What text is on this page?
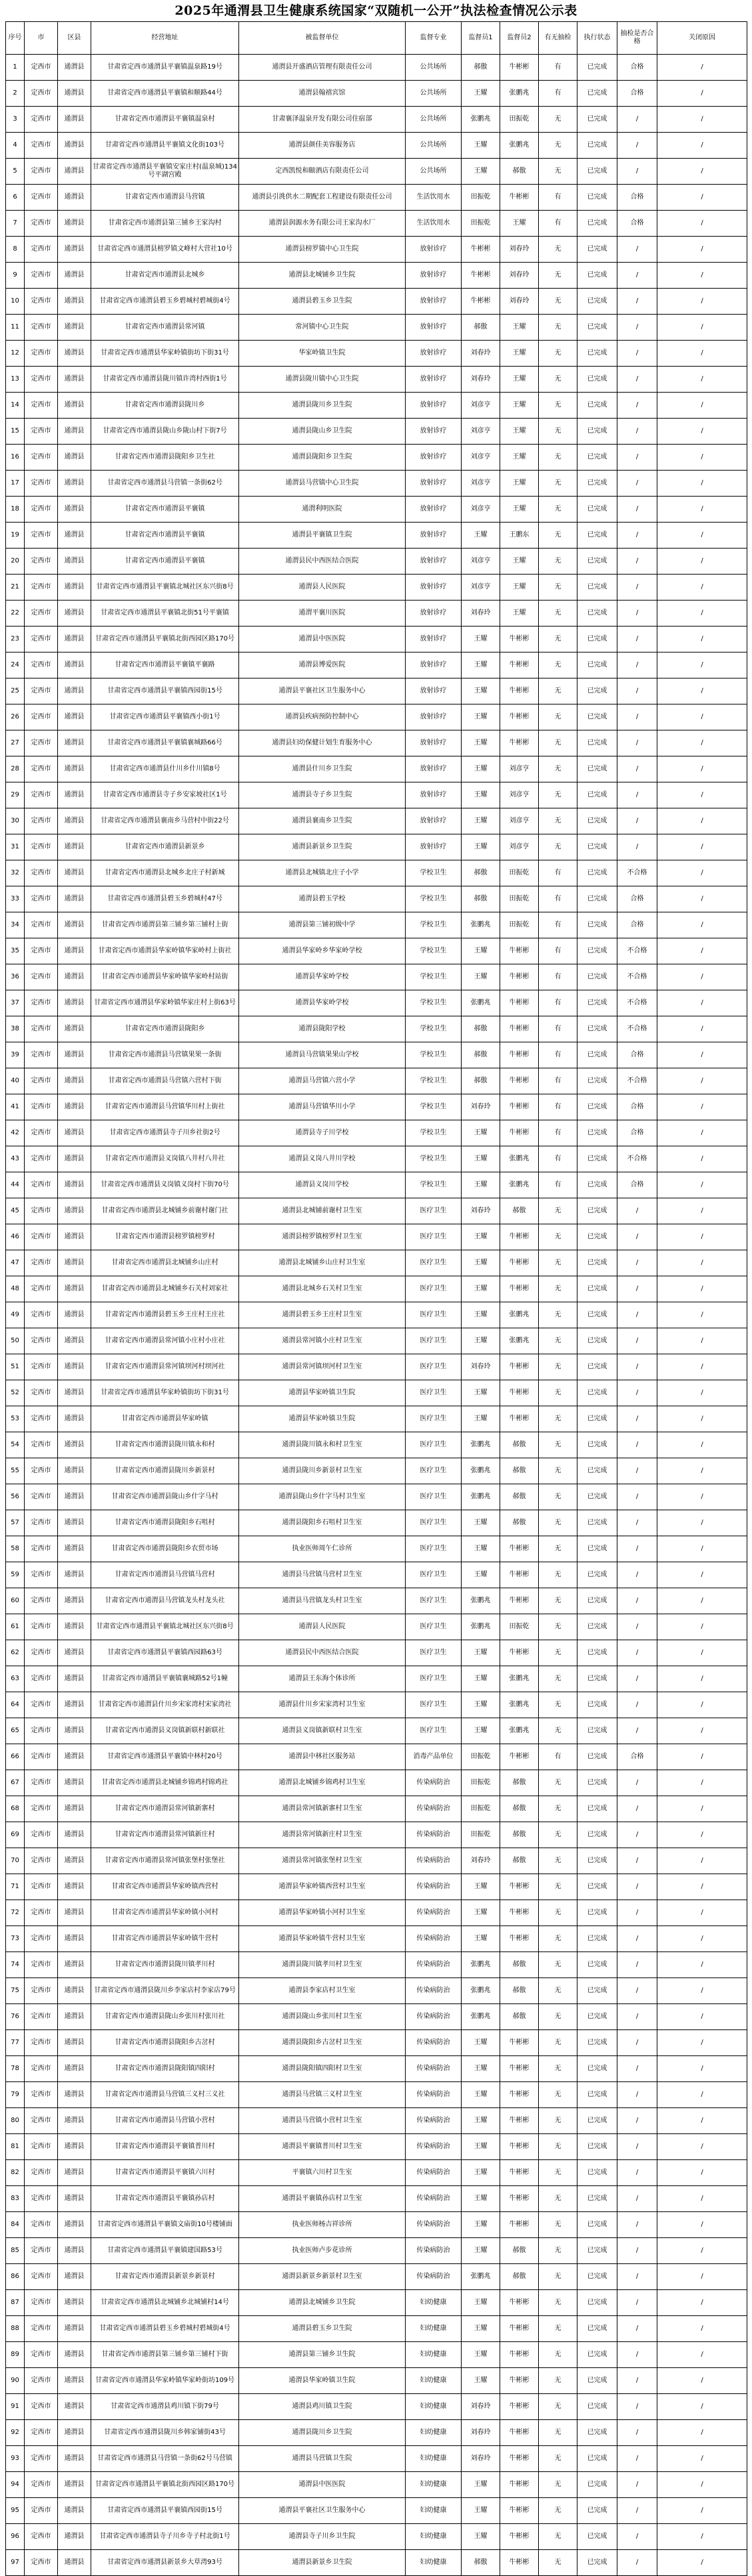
2025年通渭县卫生健康系统国家“双随机一公开”执法检查情况公示表
序号	市	区县	经营地址	被监督单位	监督专业	监督员1	监督员2	有无抽检	执行状态	抽检是否合格	关闭原因
1	定西市	通渭县	甘肃省定西市通渭县平襄镇温泉路19号	通渭县开盛酒店管理有限责任公司	公共场所	郝傲	牛彬彬	有	已完成	合格	/
2	定西市	通渭县	甘肃省定西市通渭县平襄镇和顺路44号	通渭县翰禧宾馆	公共场所	王耀	张鹏兆	有	已完成	合格	/
3	定西市	通渭县	甘肃省定西市通渭县平襄镇温泉村	甘肃襄泽温泉开发有限公司住宿部	公共场所	张鹏兆	田振乾	无	已完成	/	/
4	定西市	通渭县	甘肃省定西市通渭县平襄镇文化街103号	通渭县颜佳美容服务店	公共场所	王耀	张鹏兆	无	已完成	/	/
5	定西市	通渭县	甘肃省定西市通渭县平襄镇安家庄村(温泉城)134号平湖宫殿	定西凯悦和颐酒店有限责任公司	公共场所	王耀	郝傲	无	已完成	/	/
6	定西市	通渭县	甘肃省定西市通渭县马营镇	通渭县引洮供水二期配套工程建设有限责任公司	生活饮用水	田振乾	牛彬彬	有	已完成	合格	/
7	定西市	通渭县	甘肃省定西市通渭县第三铺乡王家沟村	通渭县润源水务有限公司王家沟水厂	生活饮用水	田振乾	王耀	有	已完成	合格	/
8	定西市	通渭县	甘肃省定西市通渭县榜罗镇文峰村大营社10号	通渭县榜罗镇中心卫生院	放射诊疗	牛彬彬	刘春玲	无	已完成	/	/
9	定西市	通渭县	甘肃省定西市通渭县北城乡	通渭县北城铺乡卫生院	放射诊疗	牛彬彬	刘春玲	无	已完成	/	/
10	定西市	通渭县	甘肃省定西市通渭县碧玉乡碧城村碧城街4号	通渭县碧玉乡卫生院	放射诊疗	牛彬彬	刘春玲	无	已完成	/	/
11	定西市	通渭县	甘肃省定西市通渭县常河镇	常河镇中心卫生院	放射诊疗	郝傲	王耀	无	已完成	/	/
12	定西市	通渭县	甘肃省定西市通渭县华家岭镇街坊下街31号	华家岭镇卫生院	放射诊疗	刘春玲	王耀	无	已完成	/	/
13	定西市	通渭县	甘肃省定西市通渭县陇川镇许湾村西街1号	通渭县陇川镇中心卫生院	放射诊疗	刘春玲	王耀	无	已完成	/	/
14	定西市	通渭县	甘肃省定西市通渭县陇川乡	通渭县陇川乡卫生院	放射诊疗	刘彦亨	王耀	无	已完成	/	/
15	定西市	通渭县	甘肃省定西市通渭县陇山乡陇山村下街7号	通渭县陇山乡卫生院	放射诊疗	刘彦亨	王耀	无	已完成	/	/
16	定西市	通渭县	甘肃省定西市通渭县陇阳乡卫生社	通渭县陇阳乡卫生院	放射诊疗	刘彦亨	王耀	无	已完成	/	/
17	定西市	通渭县	甘肃省定西市通渭县马营镇一条街62号	通渭县马营镇中心卫生院	放射诊疗	刘彦亨	王耀	无	已完成	/	/
18	定西市	通渭县	甘肃省定西市通渭县平襄镇	通渭利明医院	放射诊疗	刘彦亨	王耀	无	已完成	/	/
19	定西市	通渭县	甘肃省定西市通渭县平襄镇	通渭县平襄镇卫生院	放射诊疗	王耀	王鹏东	无	已完成	/	/
20	定西市	通渭县	甘肃省定西市通渭县平襄镇	通渭县民中西医结合医院	放射诊疗	刘彦亨	王耀	无	已完成	/	/
21	定西市	通渭县	甘肃省定西市通渭县平襄镇北城社区东兴街8号	通渭县人民医院	放射诊疗	刘彦亨	王耀	无	已完成	/	/
22	定西市	通渭县	甘肃省定西市通渭县平襄镇北街51号平襄镇	通渭平襄川医院	放射诊疗	刘春玲	王耀	无	已完成	/	/
23	定西市	通渭县	甘肃省定西市通渭县平襄镇北街西园区路170号	通渭县中医医院	放射诊疗	王耀	牛彬彬	无	已完成	/	/
24	定西市	通渭县	甘肃省定西市通渭县平襄镇平襄路	通渭县博爱医院	放射诊疗	王耀	牛彬彬	无	已完成	/	/
25	定西市	通渭县	甘肃省定西市通渭县平襄镇西园街15号	通渭县平襄社区卫生服务中心	放射诊疗	王耀	牛彬彬	无	已完成	/	/
26	定西市	通渭县	甘肃省定西市通渭县平襄镇西小街1号	通渭县疾病预防控制中心	放射诊疗	王耀	牛彬彬	无	已完成	/	/
27	定西市	通渭县	甘肃省定西市通渭县平襄镇襄城路66号	通渭县妇幼保健计划生育服务中心	放射诊疗	王耀	牛彬彬	无	已完成	/	/
28	定西市	通渭县	甘肃省定西市通渭县什川乡什川镇8号	通渭县什川乡卫生院	放射诊疗	王耀	刘彦亨	无	已完成	/	/
29	定西市	通渭县	甘肃省定西市通渭县寺子乡安家坡社区1号	通渭县寺子乡卫生院	放射诊疗	王耀	刘彦亨	无	已完成	/	/
30	定西市	通渭县	甘肃省定西市通渭县襄南乡马营村中街22号	通渭县襄南乡卫生院	放射诊疗	王耀	刘彦亨	无	已完成	/	/
31	定西市	通渭县	甘肃省定西市通渭县新景乡	通渭县新景乡卫生院	放射诊疗	王耀	刘彦亨	无	已完成	/	/
32	定西市	通渭县	甘肃省定西市通渭县北城乡北庄子村新城	通渭县北城镇北庄子小学	学校卫生	郝傲	田振乾	有	已完成	不合格	/
33	定西市	通渭县	甘肃省定西市通渭县碧玉乡碧城村47号	通渭县碧玉学校	学校卫生	郝傲	田振乾	有	已完成	合格	/
34	定西市	通渭县	甘肃省定西市通渭县第三铺乡第三铺村上街	通渭县第三铺初级中学	学校卫生	张鹏兆	田振乾	有	已完成	合格	/
35	定西市	通渭县	甘肃省定西市通渭县华家岭镇华家岭村上街社	通渭县华家岭乡华家岭学校	学校卫生	王耀	牛彬彬	有	已完成	不合格	/
36	定西市	通渭县	甘肃省定西市通渭县华家岭镇华家岭村站街	通渭县华家岭学校	学校卫生	王耀	牛彬彬	有	已完成	不合格	/
37	定西市	通渭县	甘肃省定西市通渭县华家岭镇华家庄村上街63号	通渭县华家岭学校	学校卫生	张鹏兆	牛彬彬	有	已完成	不合格	/
38	定西市	通渭县	甘肃省定西市通渭县陇阳乡	通渭县陇阳学校	学校卫生	郝傲	牛彬彬	有	已完成	不合格	/
39	定西市	通渭县	甘肃省定西市通渭县马营镇果果一条街	通渭县马营镇果果山学校	学校卫生	郝傲	牛彬彬	有	已完成	合格	/
40	定西市	通渭县	甘肃省定西市通渭县马营镇六营村下街	通渭县马营镇六营小学	学校卫生	郝傲	牛彬彬	有	已完成	不合格	/
41	定西市	通渭县	甘肃省定西市通渭县马营镇华川村上街社	通渭县马营镇华川小学	学校卫生	刘春玲	牛彬彬	有	已完成	合格	/
42	定西市	通渭县	甘肃省定西市通渭县寺子川乡社街2号	通渭县寺子川学校	学校卫生	王耀	牛彬彬	有	已完成	合格	/
43	定西市	通渭县	甘肃省定西市通渭县义岗镇八井村八井社	通渭县义岗八井川学校	学校卫生	王耀	张鹏兆	有	已完成	不合格	/
44	定西市	通渭县	甘肃省定西市通渭县义岗镇义岗村下街70号	通渭县义岗川学校	学校卫生	王耀	张鹏兆	有	已完成	合格	/
45	定西市	通渭县	甘肃省定西市通渭县北城铺乡前谢村谢门社	通渭县北城铺前谢村卫生室	医疗卫生	刘春玲	郝傲	无	已完成	/	/
46	定西市	通渭县	甘肃省定西市通渭县榜罗镇榜罗村	通渭县榜罗镇榜罗村卫生室	医疗卫生	王耀	牛彬彬	无	已完成	/	/
47	定西市	通渭县	甘肃省定西市通渭县北城铺乡山庄村	通渭县北城铺乡山庄村卫生室	医疗卫生	王耀	牛彬彬	无	已完成	/	/
48	定西市	通渭县	甘肃省定西市通渭县北城铺乡石关村刘家社	通渭县北城乡石关村卫生室	医疗卫生	王耀	牛彬彬	无	已完成	/	/
49	定西市	通渭县	甘肃省定西市通渭县碧玉乡王庄村王庄社	通渭县碧玉乡王庄村卫生室	医疗卫生	王耀	张鹏兆	无	已完成	/	/
50	定西市	通渭县	甘肃省定西市通渭县常河镇小庄村小庄社	通渭县常河镇小庄村卫生室	医疗卫生	王耀	张鹏兆	无	已完成	/	/
51	定西市	通渭县	甘肃省定西市通渭县常河镇坝河村坝河社	通渭县常河镇坝河村卫生室	医疗卫生	刘春玲	牛彬彬	无	已完成	/	/
52	定西市	通渭县	甘肃省定西市通渭县华家岭镇街坊下街31号	通渭县华家岭镇卫生院	医疗卫生	王耀	牛彬彬	无	已完成	/	/
53	定西市	通渭县	甘肃省定西市通渭县华家岭镇	通渭县华家岭镇卫生院	医疗卫生	王耀	牛彬彬	无	已完成	/	/
54	定西市	通渭县	甘肃省定西市通渭县陇川镇永和村	通渭县陇川镇永和村卫生室	医疗卫生	张鹏兆	郝傲	无	已完成	/	/
55	定西市	通渭县	甘肃省定西市通渭县陇川乡新景村	通渭县陇川乡新景村卫生室	医疗卫生	张鹏兆	郝傲	无	已完成	/	/
56	定西市	通渭县	甘肃省定西市通渭县陇山乡什字马村	通渭县陇山乡什字马村卫生室	医疗卫生	张鹏兆	郝傲	无	已完成	/	/
57	定西市	通渭县	甘肃省定西市通渭县陇阳乡石咀村	通渭县陇阳乡石咀村卫生室	医疗卫生	王耀	郝傲	无	已完成	/	/
58	定西市	通渭县	甘肃省定西市通渭县陇阳乡农贸市场	执业医师周午仁诊所	医疗卫生	王耀	牛彬彬	无	已完成	/	/
59	定西市	通渭县	甘肃省定西市通渭县马营镇马营村	通渭县马营镇马营村卫生室	医疗卫生	王耀	牛彬彬	无	已完成	/	/
60	定西市	通渭县	甘肃省定西市通渭县马营镇龙头村龙头社	通渭县马营镇龙头村卫生室	医疗卫生	张鹏兆	牛彬彬	无	已完成	/	/
61	定西市	通渭县	甘肃省定西市通渭县平襄镇北城社区东兴街8号	通渭县人民医院	医疗卫生	张鹏兆	田振乾	无	已完成	/	/
62	定西市	通渭县	甘肃省定西市通渭县平襄镇西园路63号	通渭县民中西医结合医院	医疗卫生	王耀	牛彬彬	无	已完成	/	/
63	定西市	通渭县	甘肃省定西市通渭县平襄镇襄城路52号1幢	通渭县王东海个体诊所	医疗卫生	王耀	张鹏兆	无	已完成	/	/
64	定西市	通渭县	甘肃省定西市通渭县什川乡宋家湾村宋家湾社	通渭县什川乡宋家湾村卫生室	医疗卫生	王耀	张鹏兆	无	已完成	/	/
65	定西市	通渭县	甘肃省定西市通渭县义岗镇新联村新联社	通渭县义岗镇新联村卫生室	医疗卫生	王耀	张鹏兆	无	已完成	/	/
66	定西市	通渭县	甘肃省定西市通渭县平襄镇中林村20号	通渭县中林社区服务站	消毒产品单位	田振乾	牛彬彬	有	已完成	合格	/
67	定西市	通渭县	甘肃省定西市通渭县北城铺乡锦鸡村锦鸡社	通渭县北城铺乡锦鸡村卫生室	传染病防治	田振乾	郝傲	无	已完成	/	/
68	定西市	通渭县	甘肃省定西市通渭县常河镇新寨村	通渭县常河镇新寨村卫生室	传染病防治	田振乾	郝傲	无	已完成	/	/
69	定西市	通渭县	甘肃省定西市通渭县常河镇新庄村	通渭县常河镇新庄村卫生室	传染病防治	田振乾	郝傲	无	已完成	/	/
70	定西市	通渭县	甘肃省定西市通渭县常河镇张堡村张堡社	通渭县常河镇张堡村卫生室	传染病防治	刘春玲	郝傲	无	已完成	/	/
71	定西市	通渭县	甘肃省定西市通渭县华家岭镇西营村	通渭县华家岭镇西营村卫生室	传染病防治	王耀	牛彬彬	无	已完成	/	/
72	定西市	通渭县	甘肃省定西市通渭县华家岭镇小河村	通渭县华家岭镇小河村卫生室	传染病防治	王耀	牛彬彬	无	已完成	/	/
73	定西市	通渭县	甘肃省定西市通渭县华家岭镇牛营村	通渭县华家岭镇牛营村卫生室	传染病防治	王耀	牛彬彬	无	已完成	/	/
74	定西市	通渭县	甘肃省定西市通渭县陇川镇孝川村	通渭县陇川镇孝川村卫生室	传染病防治	张鹏兆	郝傲	无	已完成	/	/
75	定西市	通渭县	甘肃省定西市通渭县陇川乡李家店村李家店79号	通渭县李家店村卫生室	传染病防治	张鹏兆	郝傲	无	已完成	/	/
76	定西市	通渭县	甘肃省定西市通渭县陇山乡张川村张川社	通渭县陇山乡张川村卫生室	传染病防治	张鹏兆	郝傲	无	已完成	/	/
77	定西市	通渭县	甘肃省定西市通渭县陇阳乡古岔村	通渭县陇阳乡古岔村卫生室	传染病防治	王耀	牛彬彬	无	已完成	/	/
78	定西市	通渭县	甘肃省定西市通渭县陇阳镇四阳村	通渭县陇阳镇四阳村卫生室	传染病防治	王耀	牛彬彬	无	已完成	/	/
79	定西市	通渭县	甘肃省定西市通渭县马营镇三义村三义社	通渭县马营镇三义村卫生室	传染病防治	王耀	牛彬彬	无	已完成	/	/
80	定西市	通渭县	甘肃省定西市通渭县马营镇小营村	通渭县马营镇小营村卫生室	传染病防治	王耀	牛彬彬	无	已完成	/	/
81	定西市	通渭县	甘肃省定西市通渭县平襄镇普川村	通渭县平襄镇普川村卫生室	传染病防治	王耀	牛彬彬	无	已完成	/	/
82	定西市	通渭县	甘肃省定西市通渭县平襄镇六川村	平襄镇六川村卫生室	传染病防治	王耀	牛彬彬	无	已完成	/	/
83	定西市	通渭县	甘肃省定西市通渭县平襄镇孙店村	通渭县平襄镇孙店村卫生室	传染病防治	王耀	牛彬彬	无	已完成	/	/
84	定西市	通渭县	甘肃省定西市通渭县平襄镇文庙街10号楼铺面	执业医师杨吉祥诊所	传染病防治	王耀	牛彬彬	无	已完成	/	/
85	定西市	通渭县	甘肃省定西市通渭县平襄镇建国路53号	执业医师卢步花诊所	传染病防治	王耀	郝傲	无	已完成	/	/
86	定西市	通渭县	甘肃省定西市通渭县新景乡新景村	通渭县新景乡新景村卫生室	传染病防治	张鹏兆	郝傲	无	已完成	/	/
87	定西市	通渭县	甘肃省定西市通渭县北城铺乡北城铺村14号	通渭县北城铺乡卫生院	妇幼健康	王耀	牛彬彬	无	已完成	/	/
88	定西市	通渭县	甘肃省定西市通渭县碧玉乡碧城村碧城街4号	通渭县碧玉乡卫生院	妇幼健康	王耀	牛彬彬	无	已完成	/	/
89	定西市	通渭县	甘肃省定西市通渭县第三铺乡第三铺村下街	通渭县第三铺乡卫生院	妇幼健康	王耀	牛彬彬	无	已完成	/	/
90	定西市	通渭县	甘肃省定西市通渭县华家岭镇华家岭街坊109号	通渭县华家岭镇卫生院	妇幼健康	王耀	牛彬彬	无	已完成	/	/
91	定西市	通渭县	甘肃省定西市通渭县鸡川镇下街79号	通渭县鸡川镇卫生院	妇幼健康	刘春玲	牛彬彬	无	已完成	/	/
92	定西市	通渭县	甘肃省定西市通渭县陇川乡韩家铺街43号	通渭县陇川乡卫生院	妇幼健康	刘春玲	牛彬彬	无	已完成	/	/
93	定西市	通渭县	甘肃省定西市通渭县马营镇一条街62号马营镇	通渭县马营镇卫生院	妇幼健康	刘春玲	牛彬彬	无	已完成	/	/
94	定西市	通渭县	甘肃省定西市通渭县平襄镇北街西园区路170号	通渭县中医医院	妇幼健康	王耀	牛彬彬	无	已完成	/	/
95	定西市	通渭县	甘肃省定西市通渭县平襄镇西园街15号	通渭县平襄社区卫生服务中心	妇幼健康	王耀	牛彬彬	无	已完成	/	/
96	定西市	通渭县	甘肃省定西市通渭县寺子川乡寺子村北街1号	通渭县寺子川乡卫生院	妇幼健康	王耀	牛彬彬	无	已完成	/	/
97	定西市	通渭县	甘肃省定西市通渭县新景乡大草湾93号	通渭县新景乡卫生院	妇幼健康	郝傲	牛彬彬	无	已完成	/	/
